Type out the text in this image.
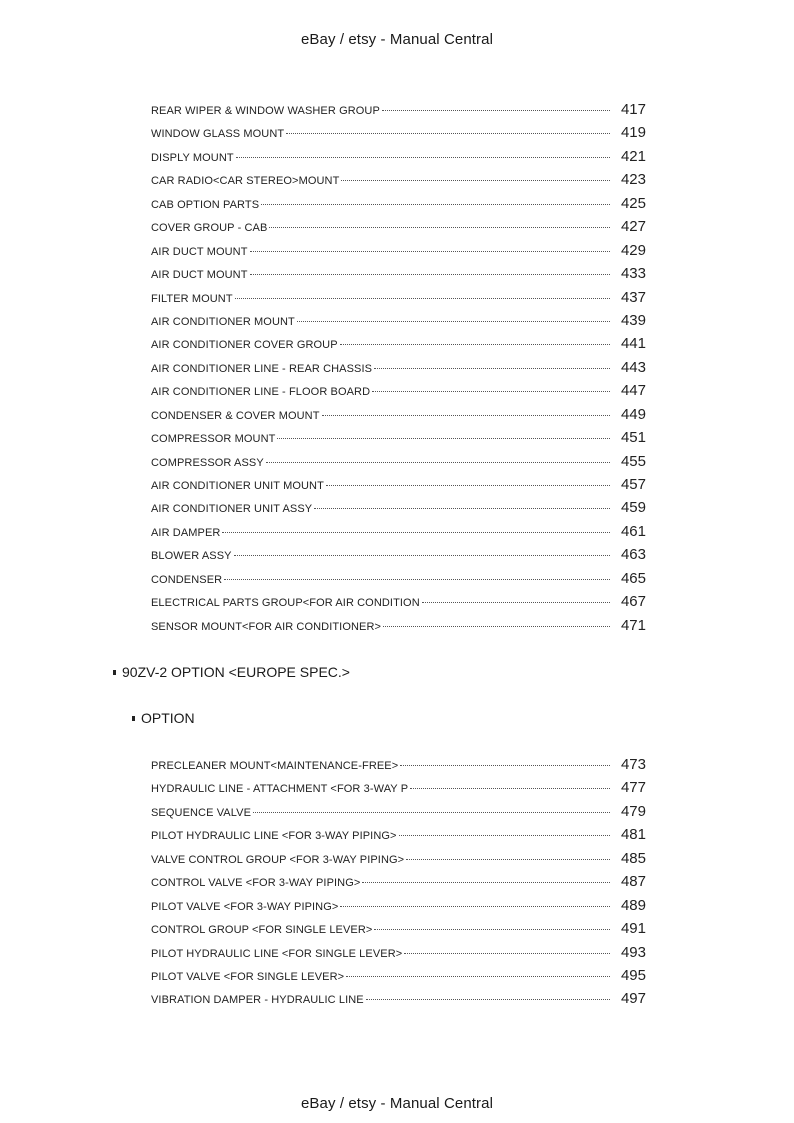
eBay / etsy - Manual Central
REAR WIPER & WINDOW WASHER GROUP	417
WINDOW GLASS MOUNT	419
DISPLY MOUNT	421
CAR RADIO<CAR STEREO>MOUNT	423
CAB OPTION PARTS	425
COVER GROUP - CAB	427
AIR DUCT MOUNT	429
AIR DUCT MOUNT	433
FILTER MOUNT	437
AIR CONDITIONER MOUNT	439
AIR CONDITIONER COVER GROUP	441
AIR CONDITIONER LINE - REAR CHASSIS	443
AIR CONDITIONER LINE - FLOOR BOARD	447
CONDENSER & COVER MOUNT	449
COMPRESSOR MOUNT	451
COMPRESSOR ASSY	455
AIR CONDITIONER UNIT MOUNT	457
AIR CONDITIONER UNIT ASSY	459
AIR DAMPER	461
BLOWER ASSY	463
CONDENSER	465
ELECTRICAL PARTS GROUP<FOR AIR CONDITION	467
SENSOR MOUNT<FOR AIR CONDITIONER>	471
90ZV-2 OPTION <EUROPE SPEC.>
OPTION
PRECLEANER MOUNT<MAINTENANCE-FREE>	473
HYDRAULIC LINE - ATTACHMENT <FOR 3-WAY P	477
SEQUENCE VALVE	479
PILOT HYDRAULIC LINE <FOR 3-WAY PIPING>	481
VALVE CONTROL GROUP <FOR 3-WAY PIPING>	485
CONTROL VALVE <FOR 3-WAY PIPING>	487
PILOT VALVE <FOR 3-WAY PIPING>	489
CONTROL GROUP <FOR SINGLE LEVER>	491
PILOT HYDRAULIC LINE <FOR SINGLE LEVER>	493
PILOT VALVE <FOR SINGLE LEVER>	495
VIBRATION DAMPER - HYDRAULIC LINE	497
eBay / etsy - Manual Central
